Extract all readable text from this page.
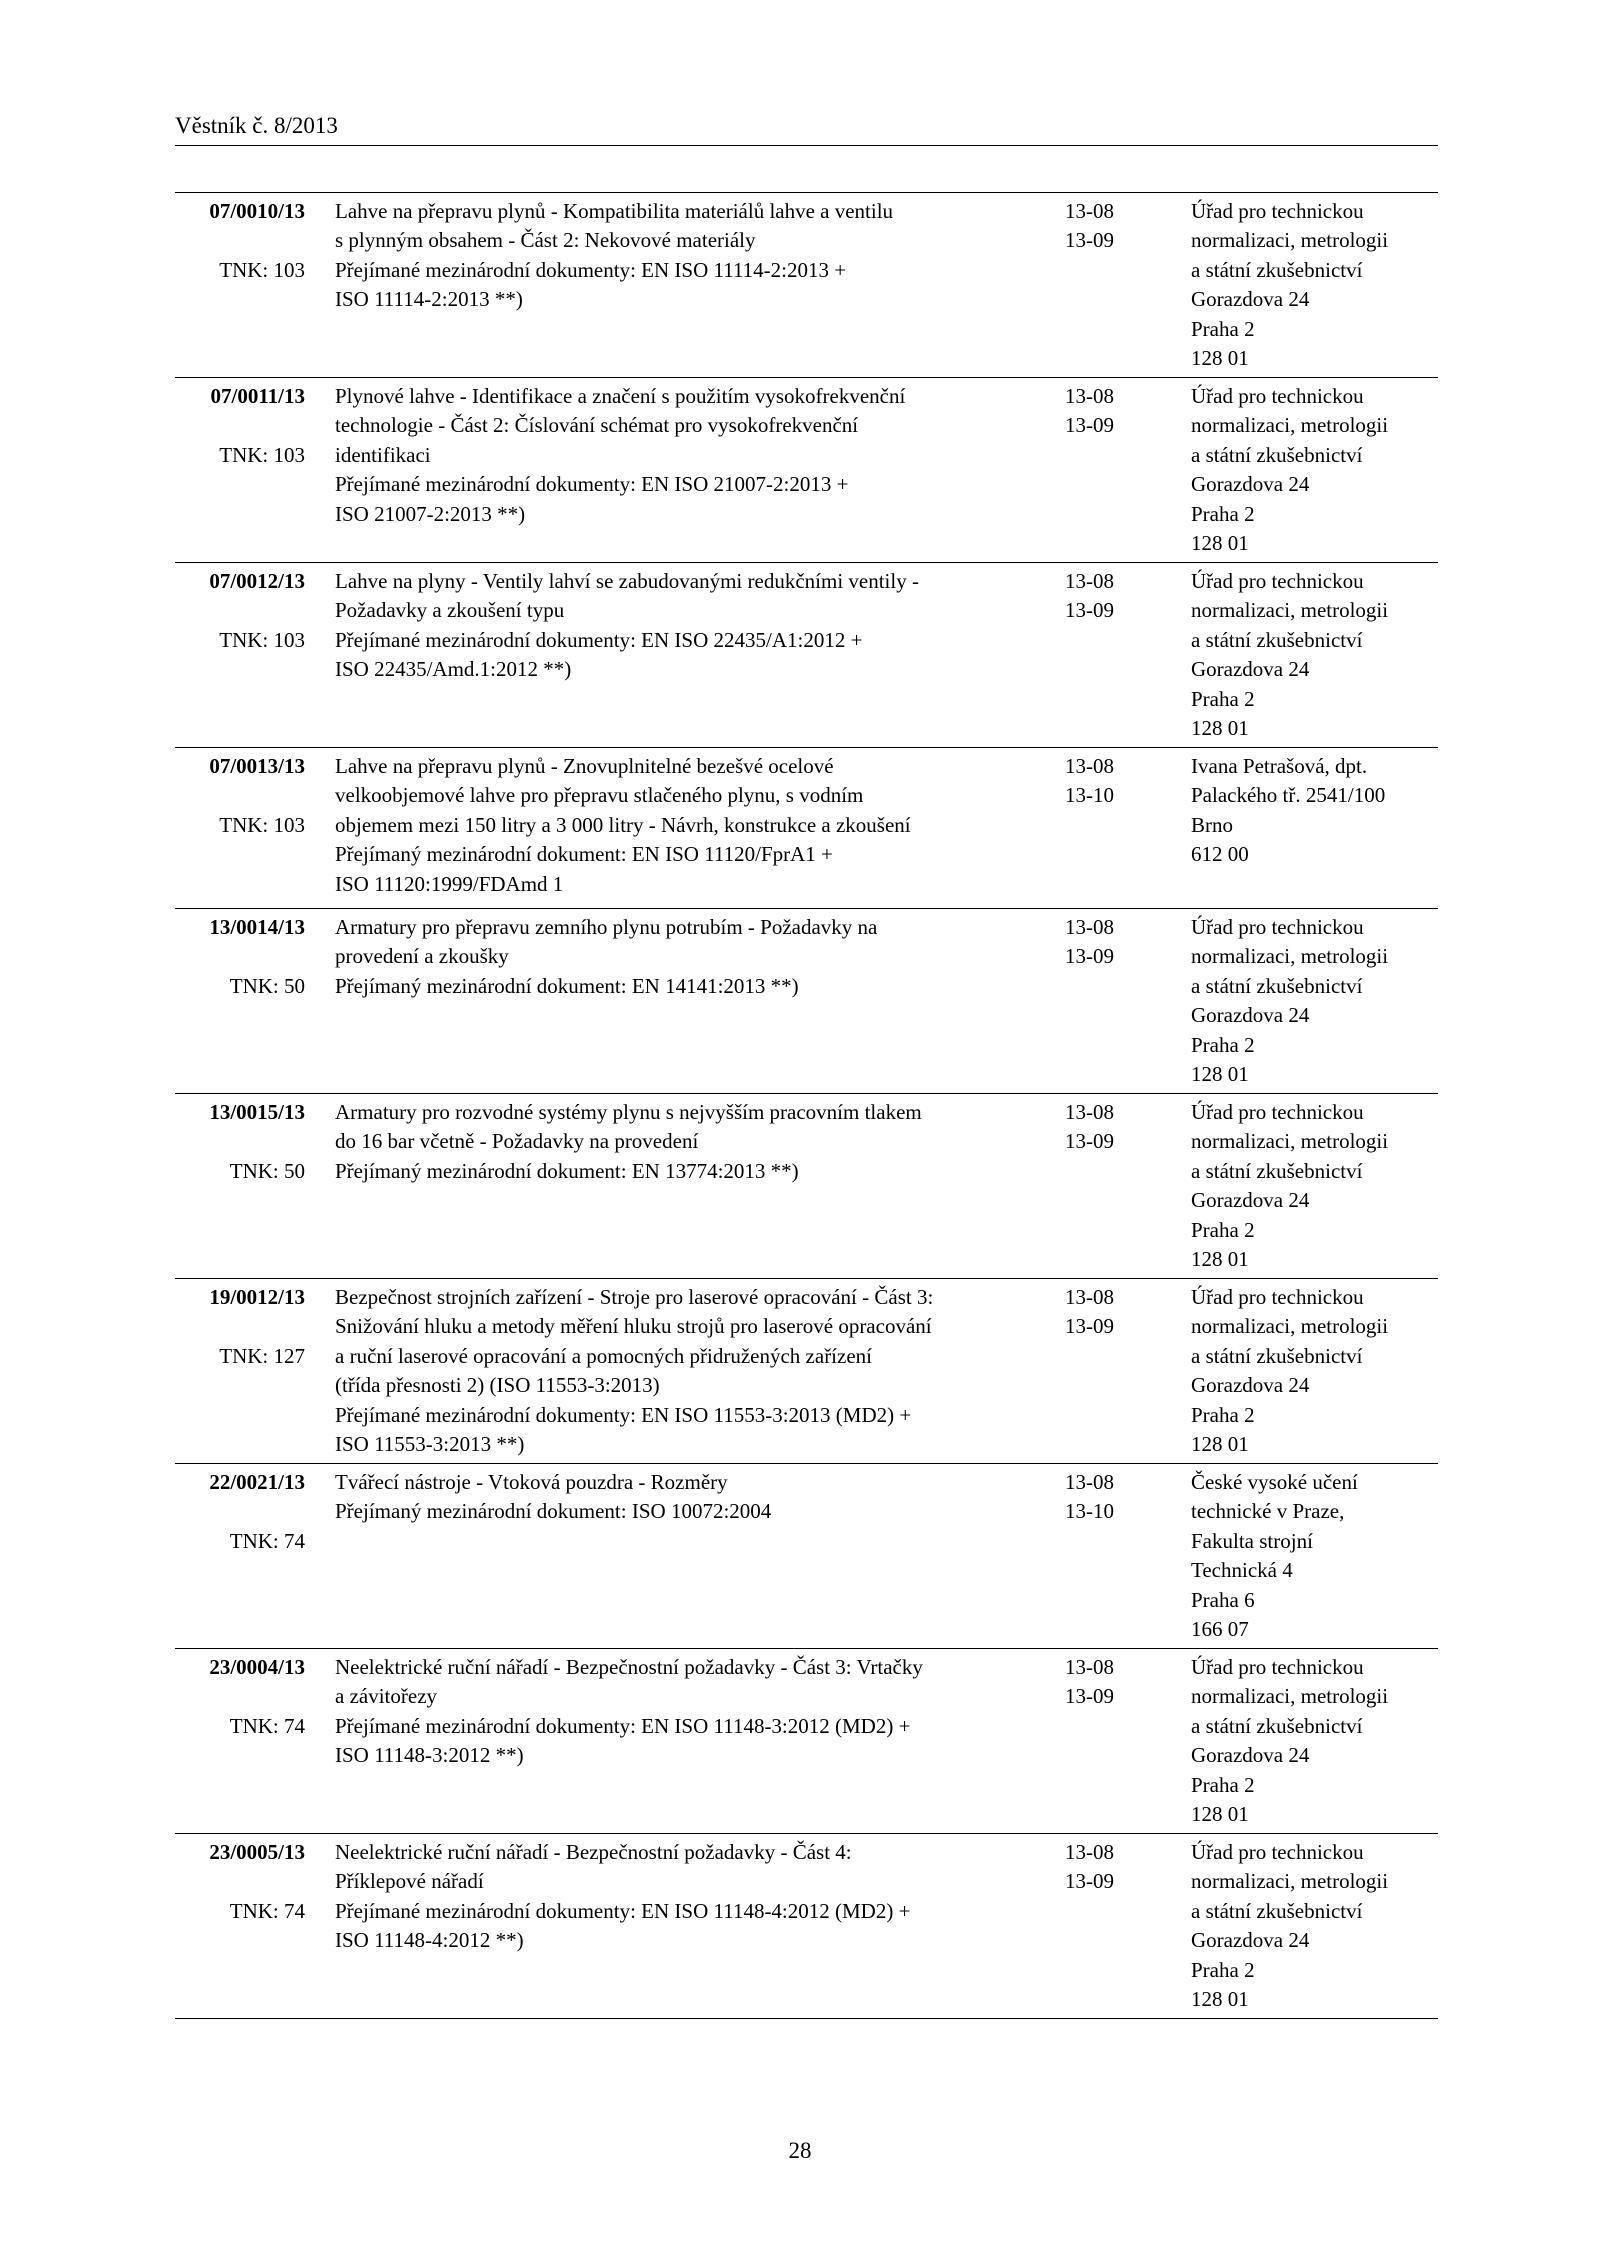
Věstník č. 8/2013
07/0010/13
TNK: 103
Lahve na přepravu plynů - Kompatibilita materiálů lahve a ventilu
s plynným obsahem - Část 2: Nekovové materiály
Přejímané mezinárodní dokumenty: EN ISO 11114-2:2013 +
ISO 11114-2:2013 **)
13-08
13-09
Úřad pro technickou
normalizaci, metrologii
a státní zkušebnictví
Gorazdova 24
Praha 2
128 01
07/0011/13
TNK: 103
Plynové lahve - Identifikace a značení s použitím vysokofrekvenční
technologie - Část 2: Číslování schémat pro vysokofrekvenční
identifikaci
Přejímané mezinárodní dokumenty: EN ISO 21007-2:2013 +
ISO 21007-2:2013 **)
13-08
13-09
Úřad pro technickou
normalizaci, metrologii
a státní zkušebnictví
Gorazdova 24
Praha 2
128 01
07/0012/13
TNK: 103
Lahve na plyny - Ventily lahví se zabudovanými redukčními ventily -
Požadavky a zkoušení typu
Přejímané mezinárodní dokumenty: EN ISO 22435/A1:2012 +
ISO 22435/Amd.1:2012 **)
13-08
13-09
Úřad pro technickou
normalizaci, metrologii
a státní zkušebnictví
Gorazdova 24
Praha 2
128 01
07/0013/13
TNK: 103
Lahve na přepravu plynů - Znovuplnitelné bezešvé ocelové
velkoobjemové lahve pro přepravu stlačeného plynu, s vodním
objemem mezi 150 litry a 3 000 litry - Návrh, konstrukce a zkoušení
Přejímaný mezinárodní dokument: EN ISO 11120/FprA1 +
ISO 11120:1999/FDAmd 1
13-08
13-10
Ivana Petrašová, dpt.
Palackého tř. 2541/100
Brno
612 00
13/0014/13
TNK: 50
Armatury pro přepravu zemního plynu potrubím - Požadavky na
provedení a zkoušky
Přejímaný mezinárodní dokument: EN 14141:2013 **)
13-08
13-09
Úřad pro technickou
normalizaci, metrologii
a státní zkušebnictví
Gorazdova 24
Praha 2
128 01
13/0015/13
TNK: 50
Armatury pro rozvodné systémy plynu s nejvyšším pracovním tlakem
do 16 bar včetně - Požadavky na provedení
Přejímaný mezinárodní dokument: EN 13774:2013 **)
13-08
13-09
Úřad pro technickou
normalizaci, metrologii
a státní zkušebnictví
Gorazdova 24
Praha 2
128 01
19/0012/13
TNK: 127
Bezpečnost strojních zařízení - Stroje pro laserové opracování - Část 3:
Snižování hluku a metody měření hluku strojů pro laserové opracování
a ruční laserové opracování a pomocných přidružených zařízení
(třída přesnosti 2) (ISO 11553-3:2013)
Přejímané mezinárodní dokumenty: EN ISO 11553-3:2013 (MD2) +
ISO 11553-3:2013 **)
13-08
13-09
Úřad pro technickou
normalizaci, metrologii
a státní zkušebnictví
Gorazdova 24
Praha 2
128 01
22/0021/13
TNK: 74
Tvářecí nástroje - Vtoková pouzdra - Rozměry
Přejímaný mezinárodní dokument: ISO 10072:2004
13-08
13-10
České vysoké učení
technické v Praze,
Fakulta strojní
Technická 4
Praha 6
166 07
23/0004/13
TNK: 74
Neelektrické ruční nářadí - Bezpečnostní požadavky - Část 3: Vrtačky
a závitořezy
Přejímané mezinárodní dokumenty: EN ISO 11148-3:2012 (MD2) +
ISO 11148-3:2012 **)
13-08
13-09
Úřad pro technickou
normalizaci, metrologii
a státní zkušebnictví
Gorazdova 24
Praha 2
128 01
23/0005/13
TNK: 74
Neelektrické ruční nářadí - Bezpečnostní požadavky - Část 4:
Příklepové nářadí
Přejímané mezinárodní dokumenty: EN ISO 11148-4:2012 (MD2) +
ISO 11148-4:2012 **)
13-08
13-09
Úřad pro technickou
normalizaci, metrologii
a státní zkušebnictví
Gorazdova 24
Praha 2
128 01
28
